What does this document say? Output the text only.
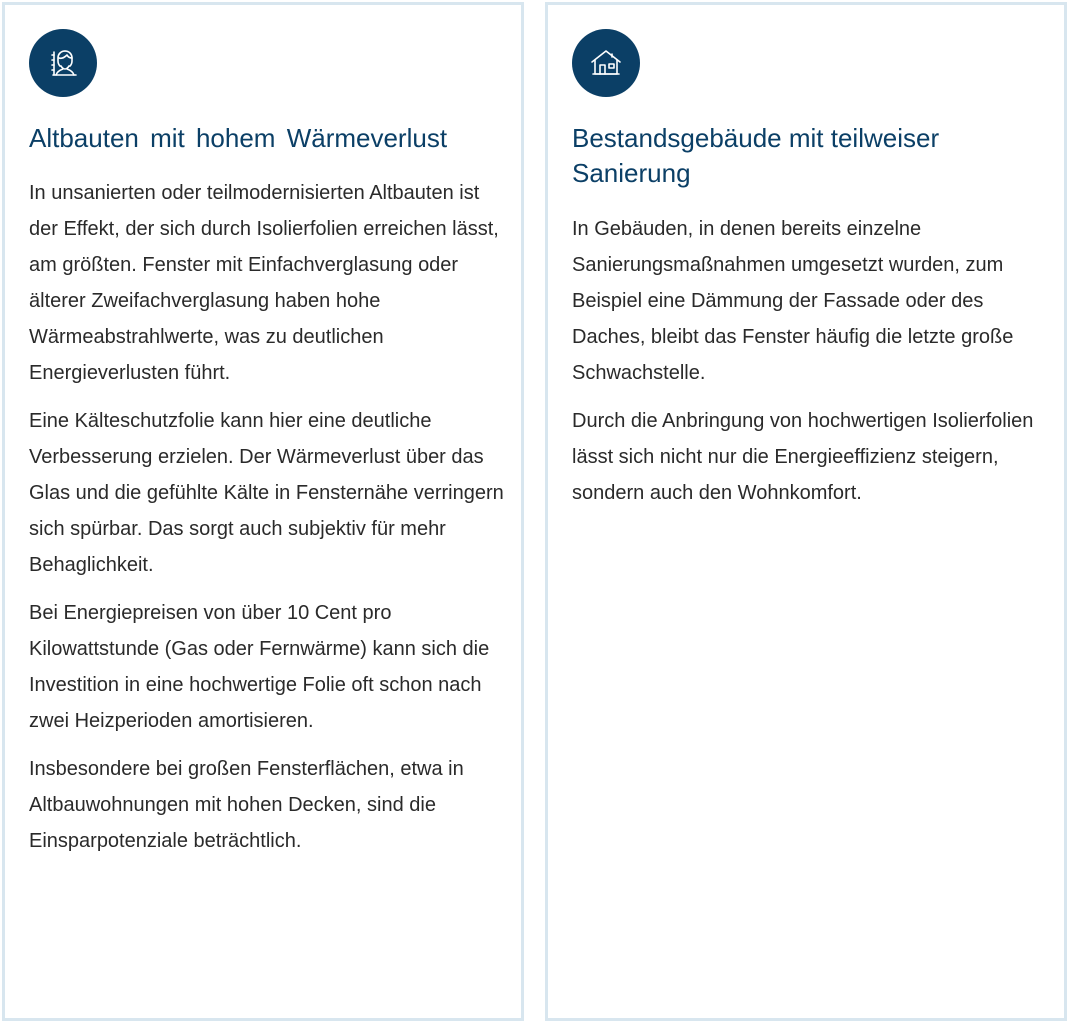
Altbauten mit hohem Wärmeverlust

In unsanierten oder teilmodernisierten Altbauten ist der Effekt, der sich durch Isolierfolien erreichen lässt, am größten. Fenster mit Einfachverglasung oder älterer Zweifachverglasung haben hohe Wärmeabstrahlwerte, was zu deutlichen Energieverlusten führt.

Eine Kälteschutzfolie kann hier eine deutliche Verbesserung erzielen. Der Wärmeverlust über das Glas und die gefühlte Kälte in Fensternähe verringern sich spürbar. Das sorgt auch subjektiv für mehr Behaglichkeit.

Bei Energiepreisen von über 10 Cent pro Kilowattstunde (Gas oder Fernwärme) kann sich die Investition in eine hochwertige Folie oft schon nach zwei Heizperioden amortisieren.

Insbesondere bei großen Fensterflächen, etwa in Altbauwohnungen mit hohen Decken, sind die Einsparpotenziale beträchtlich.

Bestandsgebäude mit teilweiser Sanierung

In Gebäuden, in denen bereits einzelne Sanierungsmaßnahmen umgesetzt wurden, zum Beispiel eine Dämmung der Fassade oder des Daches, bleibt das Fenster häufig die letzte große Schwachstelle.

Durch die Anbringung von hochwertigen Isolierfolien lässt sich nicht nur die Energieeffizienz steigern, sondern auch den Wohnkomfort.
